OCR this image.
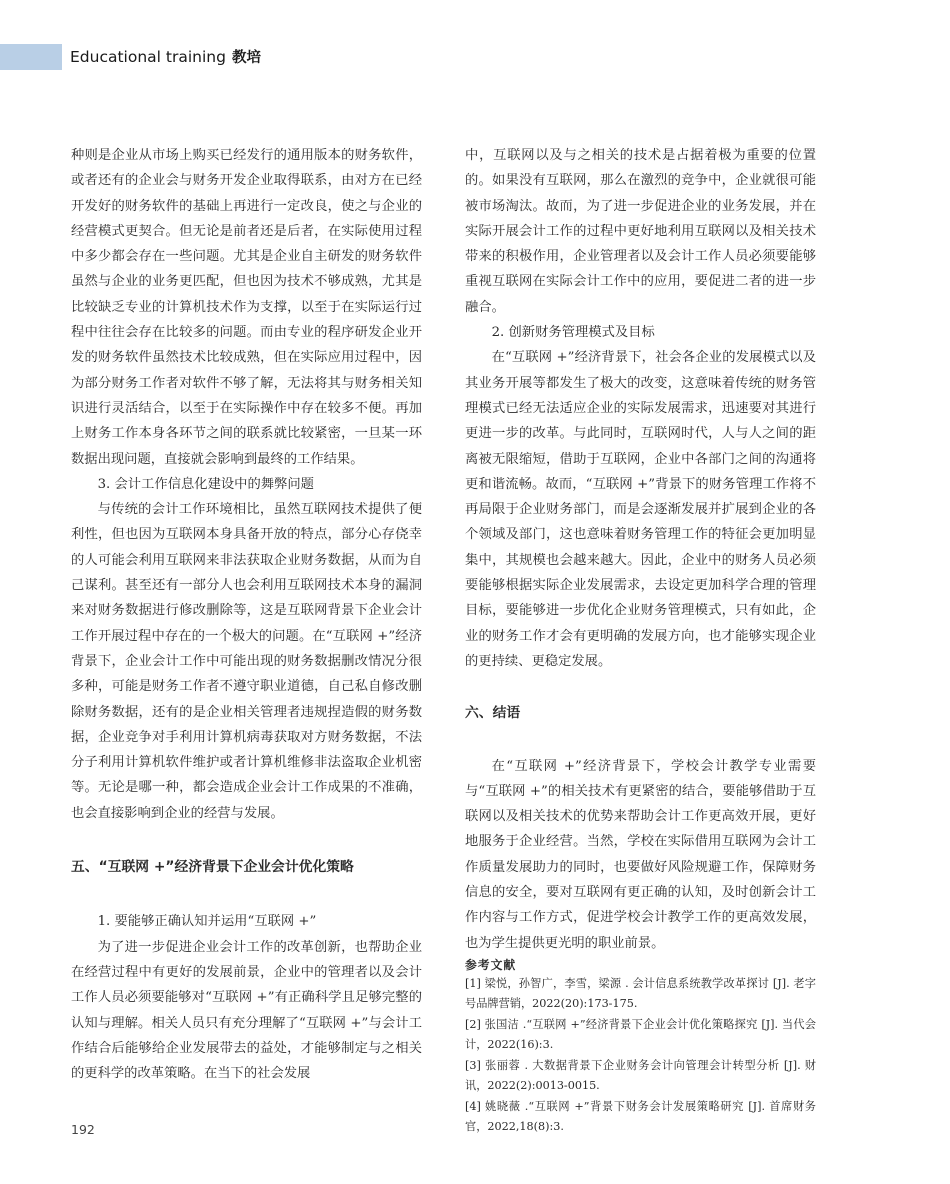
Educational training 教培

种则是企业从市场上购买已经发行的通用版本的财务软件，或者还有的企业会与财务开发企业取得联系，由对方在已经开发好的财务软件的基础上再进行一定改良，使之与企业的经营模式更契合。但无论是前者还是后者，在实际使用过程中多少都会存在一些问题。尤其是企业自主研发的财务软件虽然与企业的业务更匹配，但也因为技术不够成熟，尤其是比较缺乏专业的计算机技术作为支撑，以至于在实际运行过程中往往会存在比较多的问题。而由专业的程序研发企业开发的财务软件虽然技术比较成熟，但在实际应用过程中，因为部分财务工作者对软件不够了解，无法将其与财务相关知识进行灵活结合，以至于在实际操作中存在较多不便。再加上财务工作本身各环节之间的联系就比较紧密，一旦某一环数据出现问题，直接就会影响到最终的工作结果。

3. 会计工作信息化建设中的舞弊问题

与传统的会计工作环境相比，虽然互联网技术提供了便利性，但也因为互联网本身具备开放的特点，部分心存侥幸的人可能会利用互联网来非法获取企业财务数据，从而为自己谋利。甚至还有一部分人也会利用互联网技术本身的漏洞来对财务数据进行修改删除等，这是互联网背景下企业会计工作开展过程中存在的一个极大的问题。在“互联网 +”经济背景下，企业会计工作中可能出现的财务数据删改情况分很多种，可能是财务工作者不遵守职业道德，自己私自修改删除财务数据，还有的是企业相关管理者违规捏造假的财务数据，企业竞争对手利用计算机病毒获取对方财务数据，不法分子利用计算机软件维护或者计算机维修非法盗取企业机密等。无论是哪一种，都会造成企业会计工作成果的不准确，也会直接影响到企业的经营与发展。

五、“互联网 +”经济背景下企业会计优化策略

1. 要能够正确认知并运用“互联网 +”

为了进一步促进企业会计工作的改革创新，也帮助企业在经营过程中有更好的发展前景，企业中的管理者以及会计工作人员必须要能够对“互联网 +”有正确科学且足够完整的认知与理解。相关人员只有充分理解了“互联网 +”与会计工作结合后能够给企业发展带去的益处，才能够制定与之相关的更科学的改革策略。在当下的社会发展

中，互联网以及与之相关的技术是占据着极为重要的位置的。如果没有互联网，那么在激烈的竞争中，企业就很可能被市场淘汰。故而，为了进一步促进企业的业务发展，并在实际开展会计工作的过程中更好地利用互联网以及相关技术带来的积极作用，企业管理者以及会计工作人员必须要能够重视互联网在实际会计工作中的应用，要促进二者的进一步融合。

2. 创新财务管理模式及目标

在“互联网 +”经济背景下，社会各企业的发展模式以及其业务开展等都发生了极大的改变，这意味着传统的财务管理模式已经无法适应企业的实际发展需求，迅速要对其进行更进一步的改革。与此同时，互联网时代，人与人之间的距离被无限缩短，借助于互联网，企业中各部门之间的沟通将更和谐流畅。故而，“互联网 +”背景下的财务管理工作将不再局限于企业财务部门，而是会逐渐发展并扩展到企业的各个领域及部门，这也意味着财务管理工作的特征会更加明显集中，其规模也会越来越大。因此，企业中的财务人员必须要能够根据实际企业发展需求，去设定更加科学合理的管理目标，要能够进一步优化企业财务管理模式，只有如此，企业的财务工作才会有更明确的发展方向，也才能够实现企业的更持续、更稳定发展。

六、结语

在“互联网 +”经济背景下，学校会计教学专业需要与“互联网 +”的相关技术有更紧密的结合，要能够借助于互联网以及相关技术的优势来帮助会计工作更高效开展，更好地服务于企业经营。当然，学校在实际借用互联网为会计工作质量发展助力的同时，也要做好风险规避工作，保障财务信息的安全，要对互联网有更正确的认知，及时创新会计工作内容与工作方式，促进学校会计教学工作的更高效发展，也为学生提供更光明的职业前景。

参考文献

[1] 梁悦，孙智广，李雪，梁源 . 会计信息系统教学改革探讨 [J]. 老字号品牌营销，2022(20):173-175.

[2] 张国洁 .“互联网 +”经济背景下企业会计优化策略探究 [J]. 当代会计，2022(16):3.

[3] 张丽蓉 . 大数据背景下企业财务会计向管理会计转型分析 [J]. 财讯，2022(2):0013-0015.

[4] 姚晓薇 .“互联网 +”背景下财务会计发展策略研究 [J]. 首席财务官，2022,18(8):3.

192
